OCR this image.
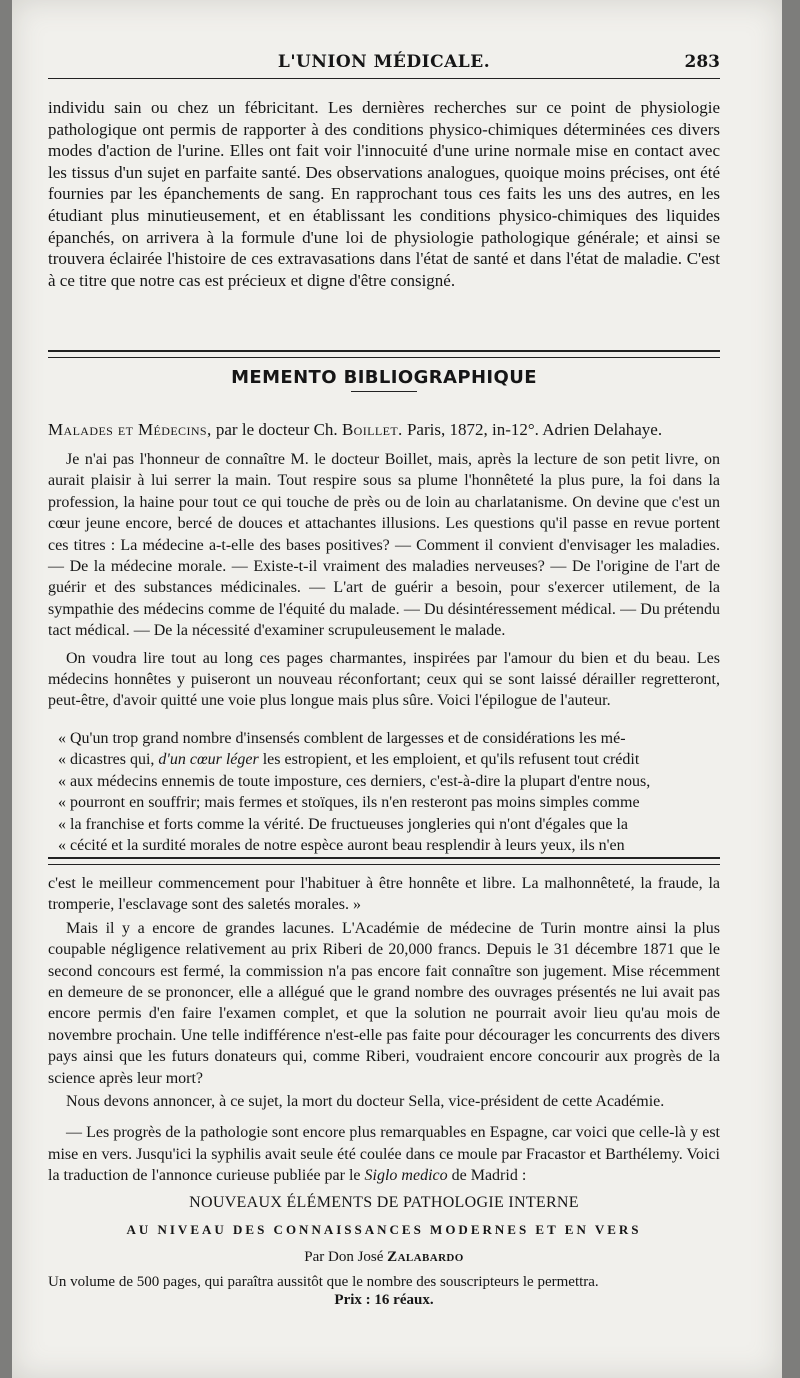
L'UNION MÉDICALE.	283

individu sain ou chez un fébricitant. Les dernières recherches sur ce point de physiologie pathologique ont permis de rapporter à des conditions physico-chimiques déterminées ces divers modes d'action de l'urine. Elles ont fait voir l'innocuité d'une urine normale mise en contact avec les tissus d'un sujet en parfaite santé. Des observations analogues, quoique moins précises, ont été fournies par les épanchements de sang. En rapprochant tous ces faits les uns des autres, en les étudiant plus minutieusement, et en établissant les conditions physico-chimiques des liquides épanchés, on arrivera à la formule d'une loi de physiologie pathologique générale; et ainsi se trouvera éclairée l'histoire de ces extravasations dans l'état de santé et dans l'état de maladie. C'est à ce titre que notre cas est précieux et digne d'être consigné.

MEMENTO BIBLIOGRAPHIQUE

Malades et Médecins, par le docteur Ch. Boillet. Paris, 1872, in-12°. Adrien Delahaye.

Je n'ai pas l'honneur de connaître M. le docteur Boillet, mais, après la lecture de son petit livre, on aurait plaisir à lui serrer la main. Tout respire sous sa plume l'honnêteté la plus pure, la foi dans la profession, la haine pour tout ce qui touche de près ou de loin au charlatanisme. On devine que c'est un cœur jeune encore, bercé de douces et attachantes illusions. Les questions qu'il passe en revue portent ces titres : La médecine a-t-elle des bases positives? — Comment il convient d'envisager les maladies. — De la médecine morale. — Existe-t-il vraiment des maladies nerveuses? — De l'origine de l'art de guérir et des substances médicinales. — L'art de guérir a besoin, pour s'exercer utilement, de la sympathie des médecins comme de l'équité du malade. — Du désintéressement médical. — Du prétendu tact médical. — De la nécessité d'examiner scrupuleusement le malade.

On voudra lire tout au long ces pages charmantes, inspirées par l'amour du bien et du beau. Les médecins honnêtes y puiseront un nouveau réconfortant; ceux qui se sont laissé dérailler regretteront, peut-être, d'avoir quitté une voie plus longue mais plus sûre. Voici l'épilogue de l'auteur.

« Qu'un trop grand nombre d'insensés comblent de largesses et de considérations les mé-
« dicastres qui, d'un cœur léger les estropient, et les emploient, et qu'ils refusent tout crédit
« aux médecins ennemis de toute imposture, ces derniers, c'est-à-dire la plupart d'entre nous,
« pourront en souffrir; mais fermes et stoïques, ils n'en resteront pas moins simples comme
« la franchise et forts comme la vérité. De fructueuses jongleries qui n'ont d'égales que la
« cécité et la surdité morales de notre espèce auront beau resplendir à leurs yeux, ils n'en

c'est le meilleur commencement pour l'habituer à être honnête et libre. La malhonnêteté, la fraude, la tromperie, l'esclavage sont des saletés morales. »

Mais il y a encore de grandes lacunes. L'Académie de médecine de Turin montre ainsi la plus coupable négligence relativement au prix Riberi de 20,000 francs. Depuis le 31 décembre 1871 que le second concours est fermé, la commission n'a pas encore fait connaître son jugement. Mise récemment en demeure de se prononcer, elle a allégué que le grand nombre des ouvrages présentés ne lui avait pas encore permis d'en faire l'examen complet, et que la solution ne pourrait avoir lieu qu'au mois de novembre prochain. Une telle indifférence n'est-elle pas faite pour décourager les concurrents des divers pays ainsi que les futurs donateurs qui, comme Riberi, voudraient encore concourir aux progrès de la science après leur mort?

Nous devons annoncer, à ce sujet, la mort du docteur Sella, vice-président de cette Académie.

— Les progrès de la pathologie sont encore plus remarquables en Espagne, car voici que celle-là y est mise en vers. Jusqu'ici la syphilis avait seule été coulée dans ce moule par Fracastor et Barthélemy. Voici la traduction de l'annonce curieuse publiée par le Siglo medico de Madrid :

NOUVEAUX ÉLÉMENTS DE PATHOLOGIE INTERNE

AU NIVEAU DES CONNAISSANCES MODERNES ET EN VERS

Par Don José Zalabardo

Un volume de 500 pages, qui paraîtra aussitôt que le nombre des souscripteurs le permettra.

Prix : 16 réaux.
